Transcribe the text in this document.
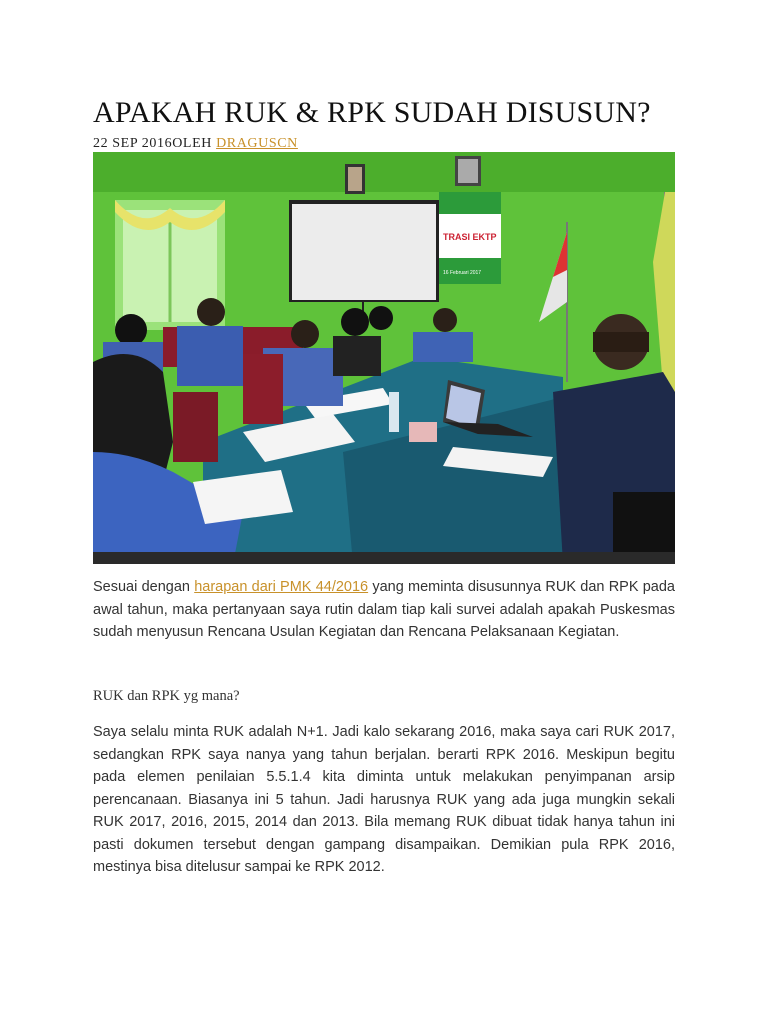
APAKAH RUK & RPK SUDAH DISUSUN?
22 SEP 2016OLEH DRAGUSCN
TRASI EKTP
16 Februari 2017

Sesuai dengan harapan dari PMK 44/2016 yang meminta disusunnya RUK dan RPK pada awal tahun, maka pertanyaan saya rutin dalam tiap kali survei adalah apakah Puskesmas sudah menyusun Rencana Usulan Kegiatan dan Rencana Pelaksanaan Kegiatan.

RUK dan RPK yg mana?

Saya selalu minta RUK adalah N+1. Jadi kalo sekarang 2016, maka saya cari RUK 2017, sedangkan RPK saya nanya yang tahun berjalan. berarti RPK 2016. Meskipun begitu pada elemen penilaian 5.5.1.4 kita diminta untuk melakukan penyimpanan arsip perencanaan. Biasanya ini 5 tahun. Jadi harusnya RUK yang ada juga mungkin sekali RUK 2017, 2016, 2015, 2014 dan 2013. Bila memang RUK dibuat tidak hanya tahun ini pasti dokumen tersebut dengan gampang disampaikan. Demikian pula RPK 2016, mestinya bisa ditelusur sampai ke RPK 2012.
